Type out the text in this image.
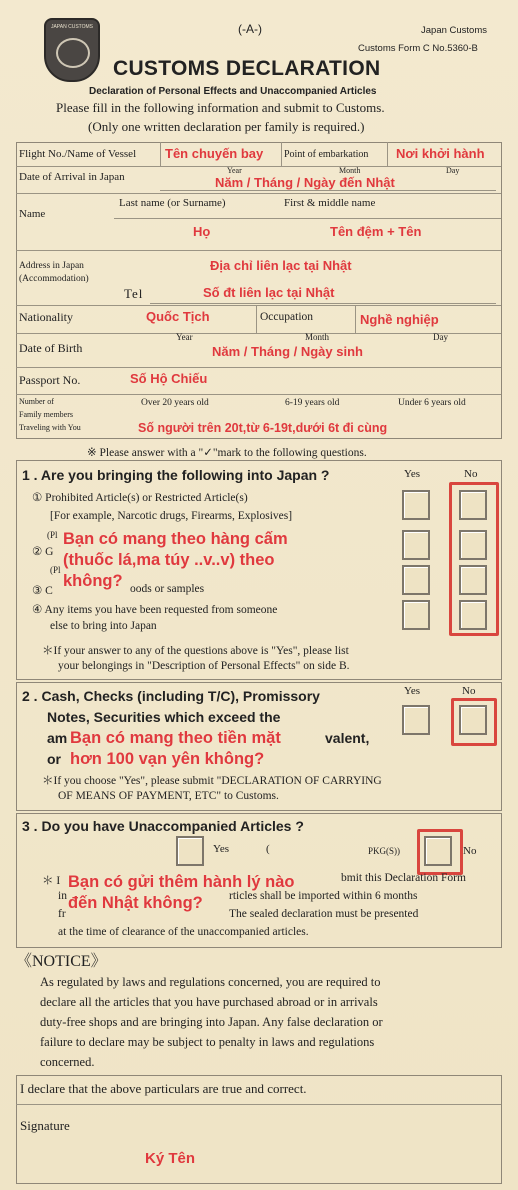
JAPAN CUSTOMS	(-A-)	Japan Customs
Customs Form C No.5360-B
CUSTOMS DECLARATION
Declaration of Personal Effects and Unaccompanied Articles
Please fill in the following information and submit to Customs.
(Only one written declaration per family is required.)
Flight No./Name of Vessel Tên chuyến bay Point of embarkation Nơi khởi hành
Date of Arrival in Japan
Year	Month	Day
Năm / Tháng / Ngày đến Nhật
Name
Last name (or Surname)	First & middle name
Họ	Tên đệm + Tên
Address in Japan
(Accommodation)
Địa chỉ liên lạc tại Nhật
Tel	Số đt liên lạc tại Nhật
Nationality	Quốc Tịch	Occupation	Nghề nghiệp
Date of Birth
Year	Month	Day
Năm / Tháng / Ngày sinh
Passport No.	Số Hộ Chiếu
Number of
Family members
Traveling with You
Over 20 years old	6-19 years old	Under 6 years old
Số người trên 20t,từ 6-19t,dưới 6t đi cùng
※ Please answer with a "✓"mark to the following questions.
1 . Are you bringing the following into Japan ?	Yes	No
① Prohibited Article(s) or Restricted Article(s)
[For example, Narcotic drugs, Firearms, Explosives]
② G
(Pl
(Pl
③ C	oods or samples
④ Any items you have been requested from someone
else to bring into Japan
＊If your answer to any of the questions above is "Yes", please list
your belongings in "Description of Personal Effects" on side B.
Bạn có mang theo hàng cấm
(thuốc lá,ma túy ..v..v) theo
không?
2 . Cash, Checks (including T/C), Promissory
Notes, Securities which exceed the
am	valent,
or
Bạn có mang theo tiền mặt
hơn 100 vạn yên không?
Yes	No
＊If you choose "Yes", please submit "DECLARATION OF CARRYING
OF MEANS OF PAYMENT, ETC" to Customs.
3 . Do you have Unaccompanied Articles ?
Yes	(	PKG(S))	No
＊ I	bmit this Declaration Form
in	rticles shall be imported within 6 months
fr	The sealed declaration must be presented
at the time of clearance of the unaccompanied articles.
Bạn có gửi thêm hành lý nào
đến Nhật không?
《NOTICE》
As regulated by laws and regulations concerned, you are required to
declare all the articles that you have purchased abroad or in arrivals
duty-free shops and are bringing into Japan. Any false declaration or
failure to declare may be subject to penalty in laws and regulations
concerned.
I declare that the above particulars are true and correct.
Signature
Ký Tên
